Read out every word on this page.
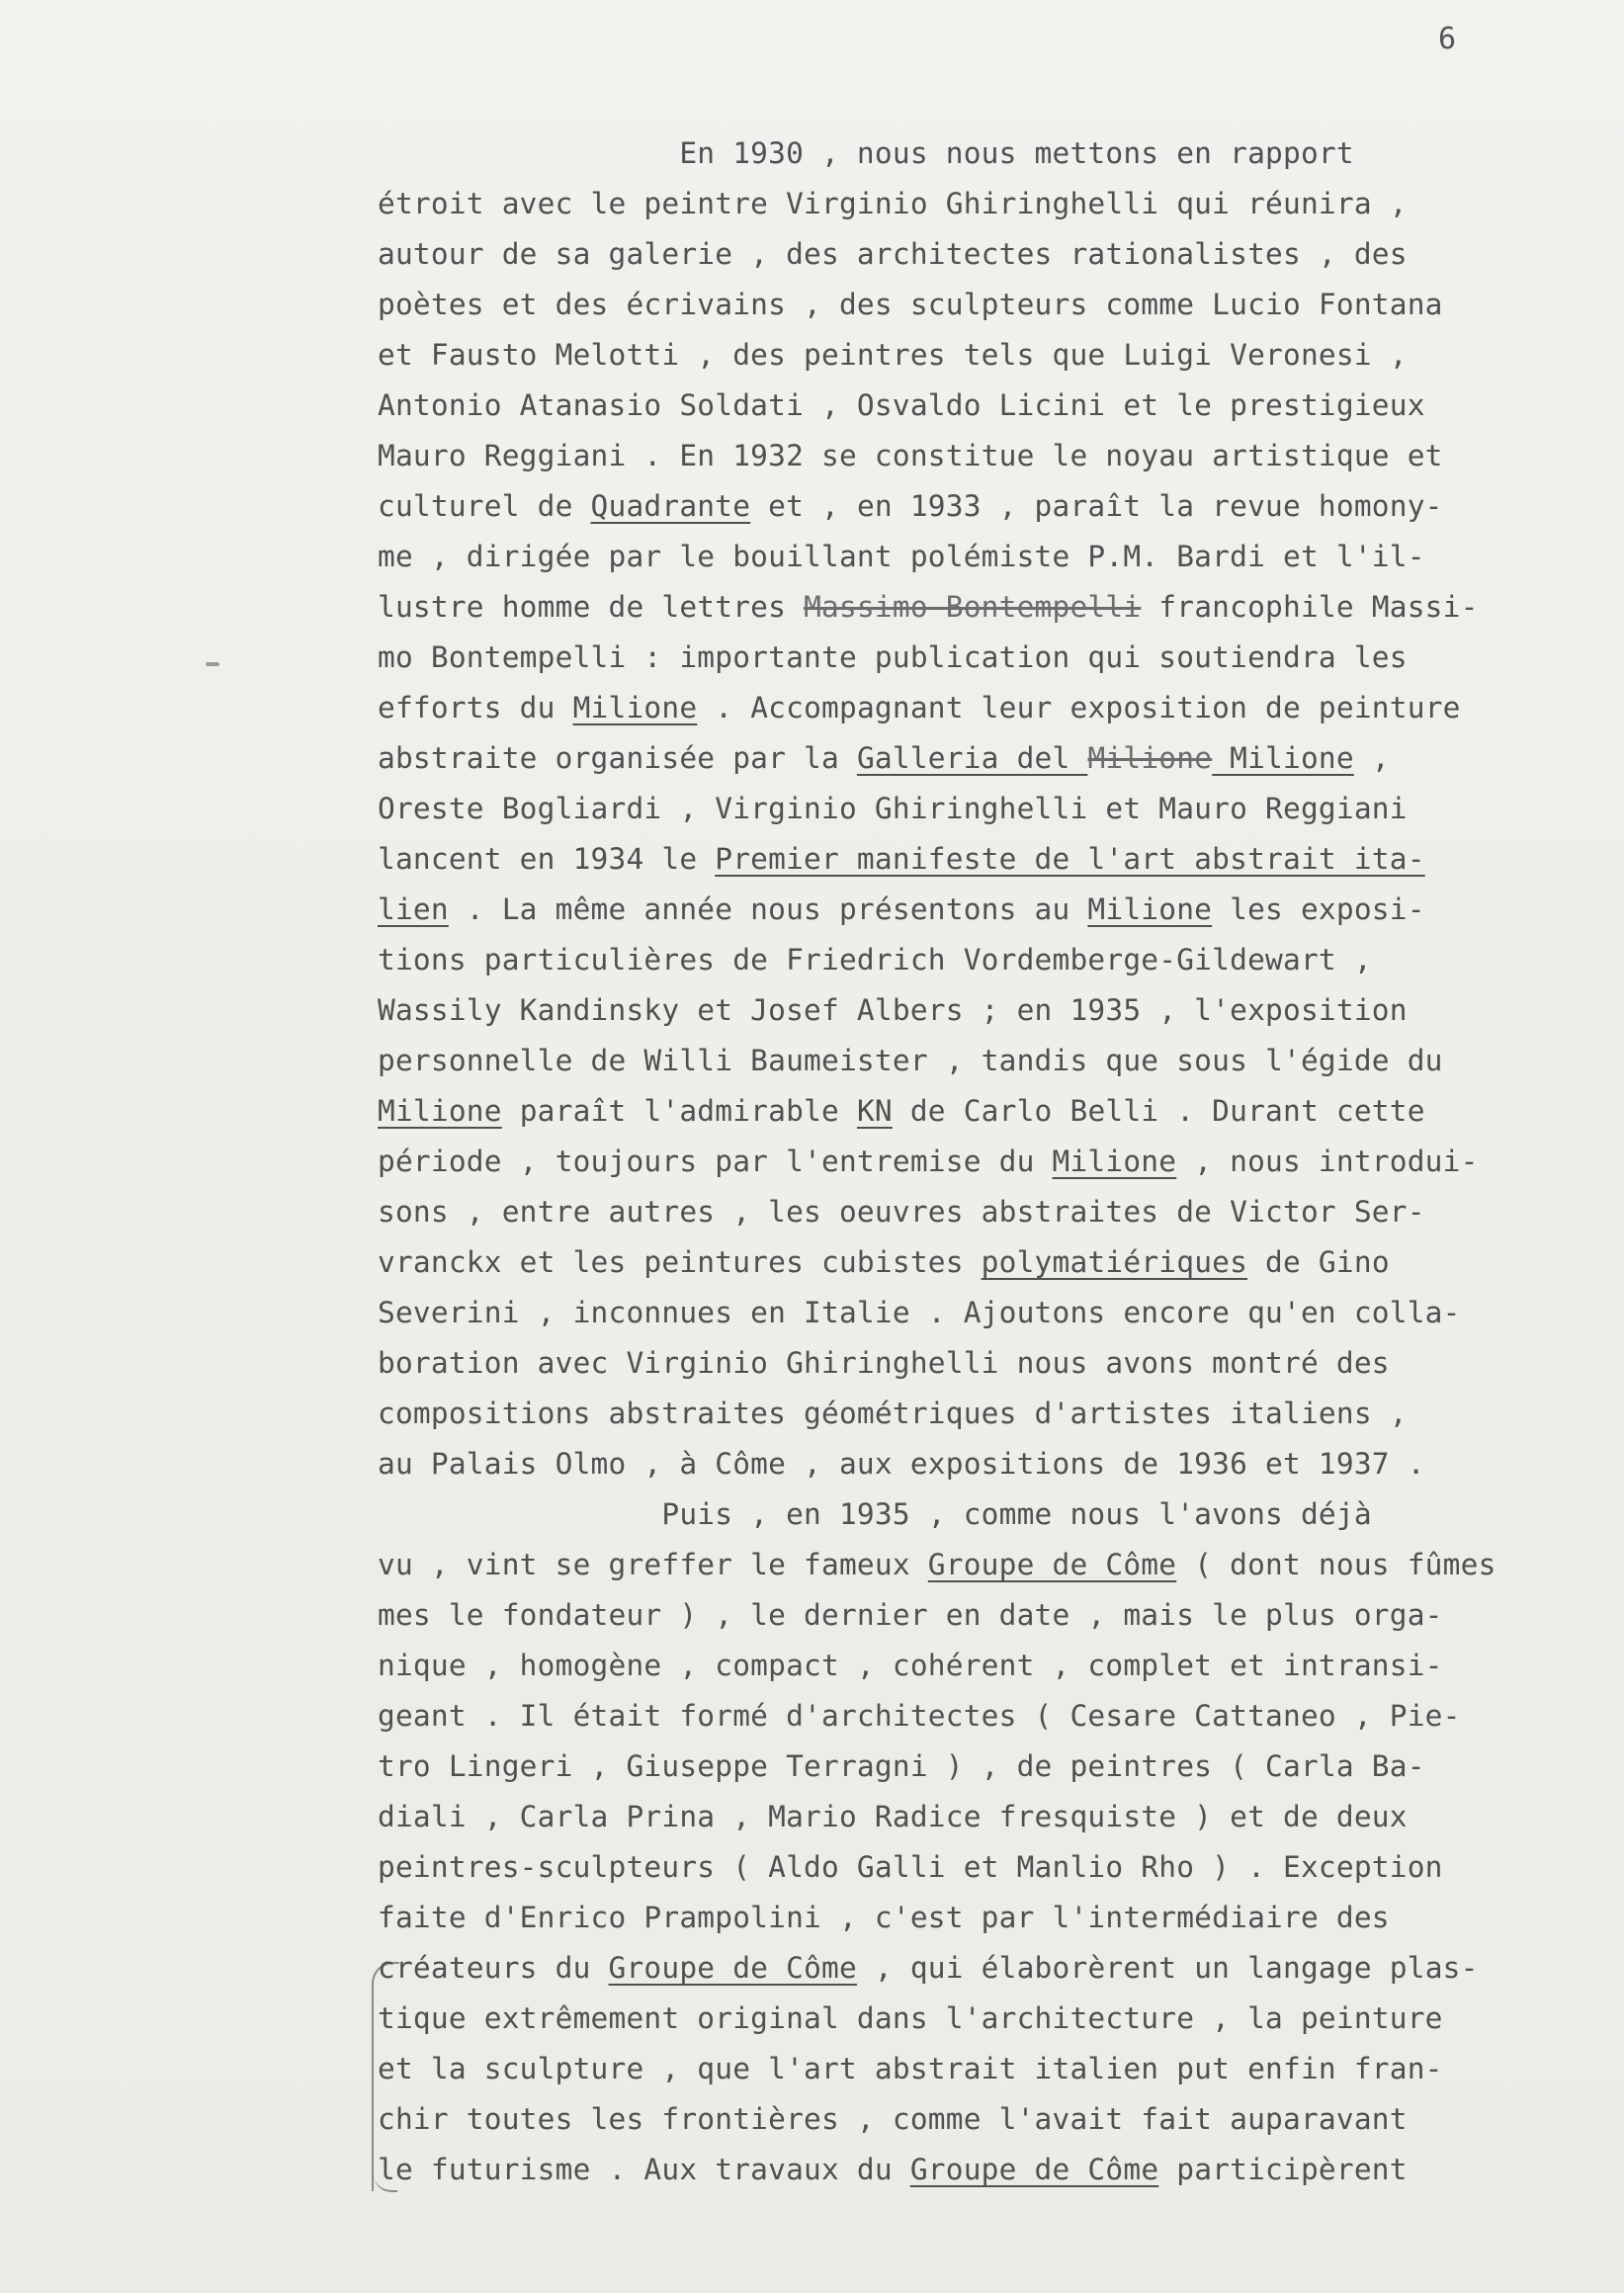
6
En 1930 , nous nous mettons en rapport
étroit avec le peintre Virginio Ghiringhelli qui réunira ,
autour de sa galerie , des architectes rationalistes , des
poètes et des écrivains , des sculpteurs comme Lucio Fontana
et Fausto Melotti , des peintres tels que Luigi Veronesi ,
Antonio Atanasio Soldati , Osvaldo Licini et le prestigieux
Mauro Reggiani . En 1932 se constitue le noyau artistique et
culturel de Quadrante et , en 1933 , paraît la revue homony-
me , dirigée par le bouillant polémiste P.M. Bardi et l'il-
lustre homme de lettres Massimo Bontempelli francophile Massi-
mo Bontempelli : importante publication qui soutiendra les
efforts du Milione . Accompagnant leur exposition de peinture
abstraite organisée par la Galleria del Milione Milione ,
Oreste Bogliardi , Virginio Ghiringhelli et Mauro Reggiani
lancent en 1934 le Premier manifeste de l'art abstrait ita-
lien . La même année nous présentons au Milione les exposi-
tions particulières de Friedrich Vordemberge-Gildewart ,
Wassily Kandinsky et Josef Albers ; en 1935 , l'exposition
personnelle de Willi Baumeister , tandis que sous l'égide du
Milione paraît l'admirable KN de Carlo Belli . Durant cette
période , toujours par l'entremise du Milione , nous introdui-
sons , entre autres , les oeuvres abstraites de Victor Ser-
vranckx et les peintures cubistes polymatiériques de Gino
Severini , inconnues en Italie . Ajoutons encore qu'en colla-
boration avec Virginio Ghiringhelli nous avons montré des
compositions abstraites géométriques d'artistes italiens ,
au Palais Olmo , à Côme , aux expositions de 1936 et 1937 .
Puis , en 1935 , comme nous l'avons déjà
vu , vint se greffer le fameux Groupe de Côme ( dont nous fûmes
mes le fondateur ) , le dernier en date , mais le plus orga-
nique , homogène , compact , cohérent , complet et intransi-
geant . Il était formé d'architectes ( Cesare Cattaneo , Pie-
tro Lingeri , Giuseppe Terragni ) , de peintres ( Carla Ba-
diali , Carla Prina , Mario Radice fresquiste ) et de deux
peintres-sculpteurs ( Aldo Galli et Manlio Rho ) . Exception
faite d'Enrico Prampolini , c'est par l'intermédiaire des
créateurs du Groupe de Côme , qui élaborèrent un langage plas-
tique extrêmement original dans l'architecture , la peinture
et la sculpture , que l'art abstrait italien put enfin fran-
chir toutes les frontières , comme l'avait fait auparavant
le futurisme . Aux travaux du Groupe de Côme participèrent
